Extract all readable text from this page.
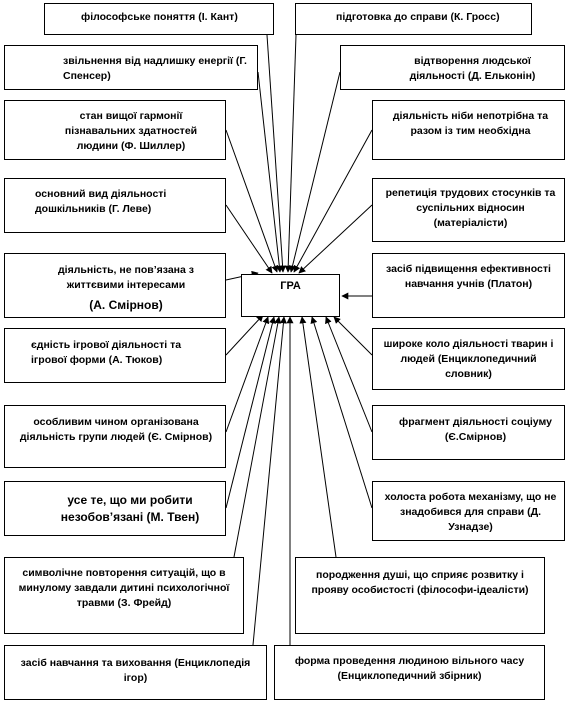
ГРА
філософське поняття (І. Кант)	підготовка до справи (К. Гросс)
звільнення від надлишку енергії (Г. Спенсер)
стан вищої гармонії пізнавальних здатностей людини (Ф. Шиллер)
основний вид діяльності дошкільників (Г. Леве)
діяльність, не пов’язана з життєвими інтересами
(А. Смірнов)
єдність ігрової діяльності та ігрової форми (А. Тюков)
особливим чином організована діяльність групи людей (Є. Смірнов)
усе те, що ми робити незобов’язані (М. Твен)
символічне повторення ситуацій, що в минулому завдали дитині психологічної травми (З. Фрейд)
засіб навчання та виховання (Енциклопедія ігор)
відтворення людської діяльності (Д. Ельконін)
діяльність ніби непотрібна та разом із тим необхідна
репетиція трудових стосунків та суспільних відносин (матеріалісти)
засіб підвищення ефективності навчання учнів (Платон)
широке коло діяльності тварин і людей (Енциклопедичний словник)
фрагмент діяльності соціуму (Є.Смірнов)
холоста робота механізму, що не знадобився для справи (Д. Узнадзе)
породження душі, що сприяє розвитку і прояву особистості (філософи-ідеалісти)
форма проведення людиною вільного часу (Енциклопедичний збірник)
